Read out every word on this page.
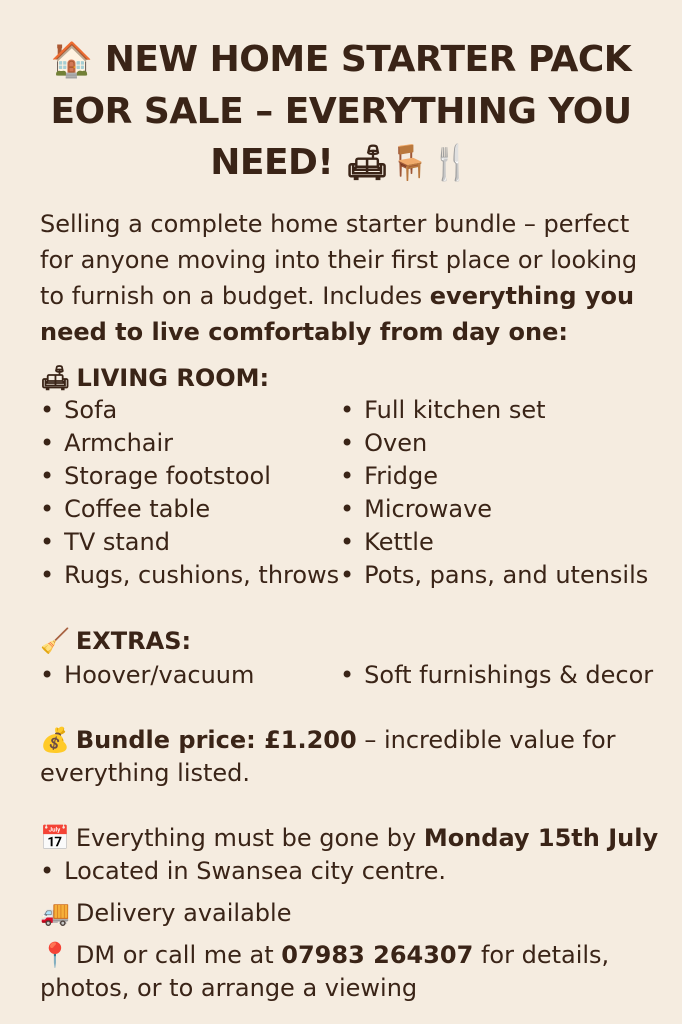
🏠 NEW HOME STARTER PACK
EOR SALE – EVERYTHING YOU
NEED! 🛋🪑🍴
Selling a complete home starter bundle – perfect for anyone moving into their first place or looking to furnish on a budget. Includes everything you need to live comfortably from day one:
🛋 LIVING ROOM:
• Sofa
• Armchair
• Storage footstool
• Coffee table
• TV stand
• Rugs, cushions, throws
• Full kitchen set
• Oven
• Fridge
• Microwave
• Kettle
• Pots, pans, and utensils
🧹 EXTRAS:
• Hoover/vacuum
•	Soft furnishings & decor
💰 Bundle price: £1.200 – incredible value for everything listed.
📅 Everything must be gone by Monday 15th July
• Located in Swansea city centre.
🚚 Delivery available
📍 DM or call me at 07983 264307 for details, photos, or to arrange a viewing
